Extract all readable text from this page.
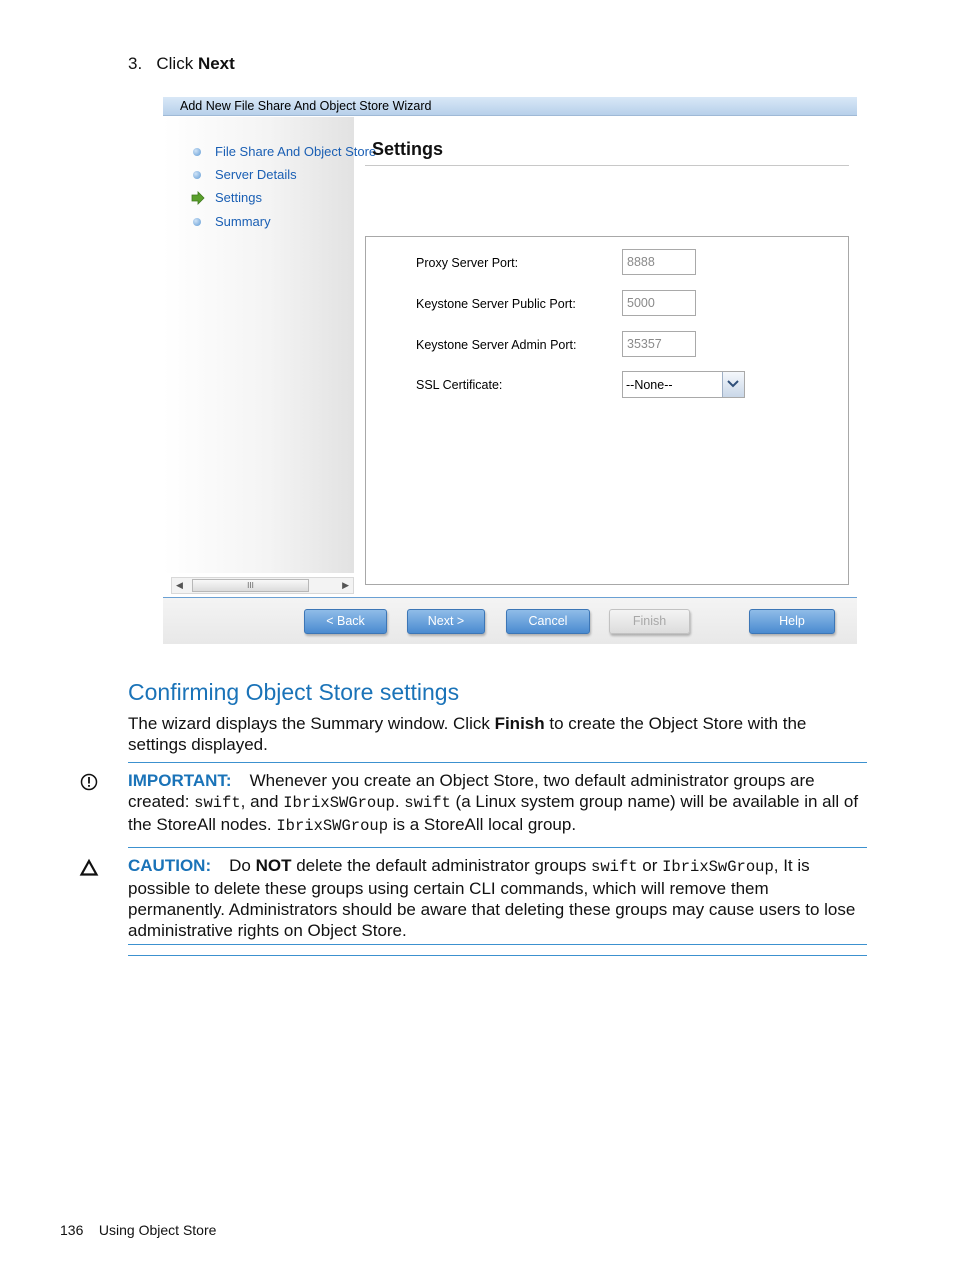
3. Click Next
Add New File Share And Object Store Wizard
File Share And Object Store
Server Details
Settings
Summary
◀	III	▶
Settings
Proxy Server Port:	8888
Keystone Server Public Port:	5000
Keystone Server Admin Port:	35357
SSL Certificate:	--None--
< Back	Next >	Cancel	Finish	Help
Confirming Object Store settings
The wizard displays the Summary window. Click Finish to create the Object Store with the settings displayed.
IMPORTANT: Whenever you create an Object Store, two default administrator groups are created: swift, and IbrixSWGroup. swift (a Linux system group name) will be available in all of the StoreAll nodes. IbrixSWGroup is a StoreAll local group.
CAUTION: Do NOT delete the default administrator groups swift or IbrixSwGroup, It is possible to delete these groups using certain CLI commands, which will remove them permanently. Administrators should be aware that deleting these groups may cause users to lose administrative rights on Object Store.
136 Using Object Store
